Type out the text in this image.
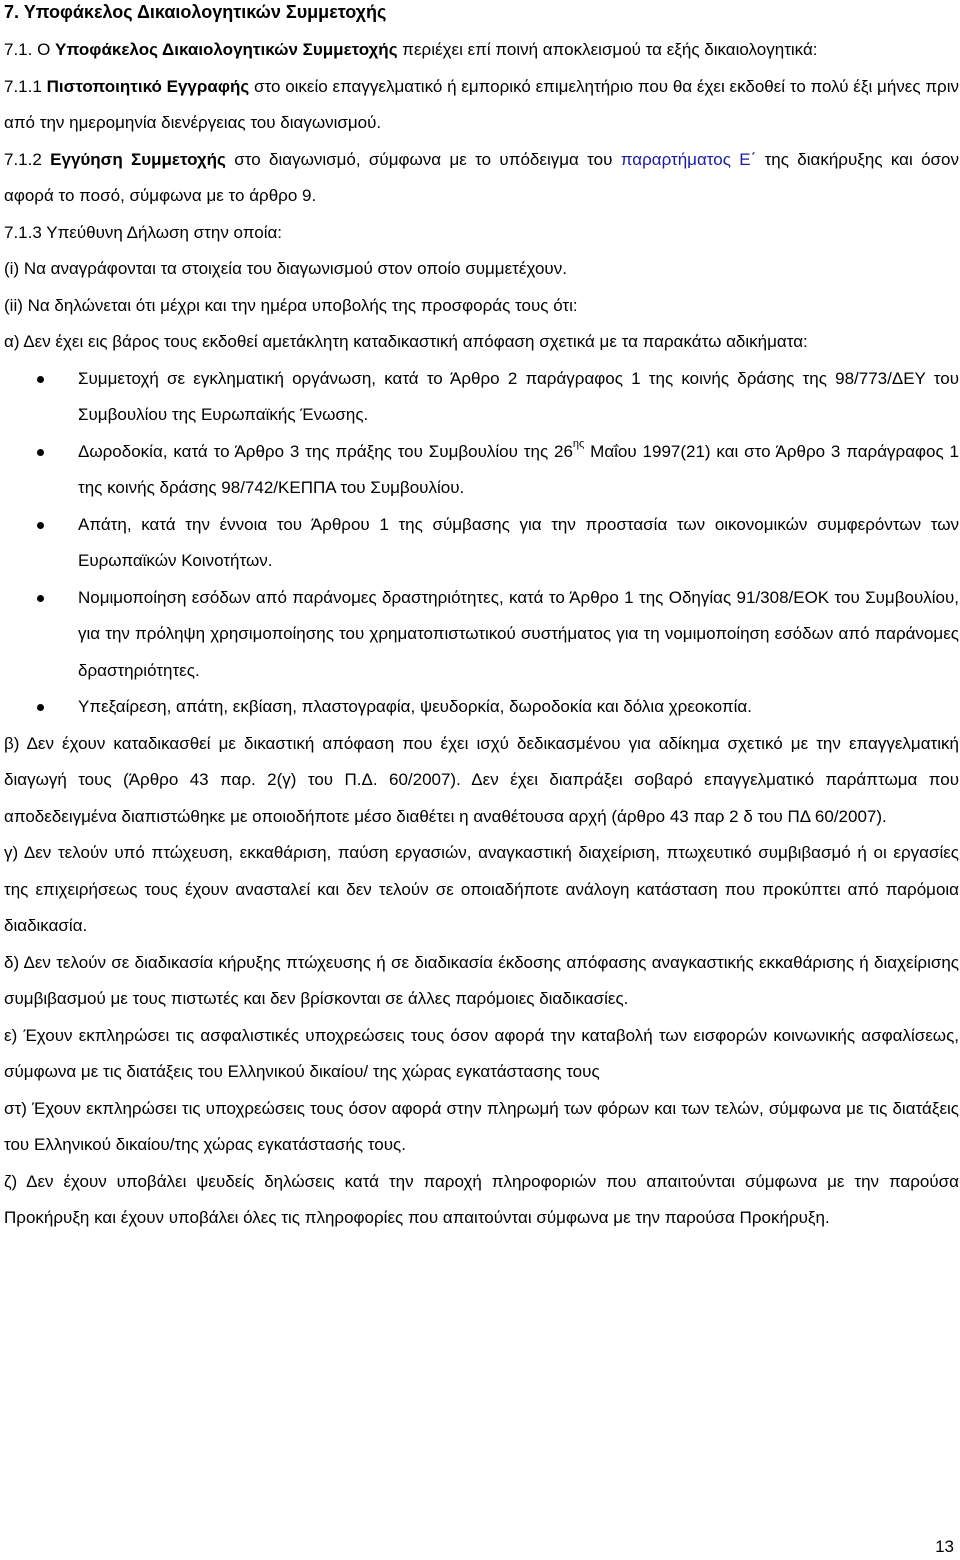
7. Υποφάκελος Δικαιολογητικών Συμμετοχής

7.1. Ο Υποφάκελος Δικαιολογητικών Συμμετοχής περιέχει επί ποινή αποκλεισμού τα εξής δικαιολογητικά:

7.1.1 Πιστοποιητικό Εγγραφής στο οικείο επαγγελματικό ή εμπορικό επιμελητήριο που θα έχει εκδοθεί το πολύ έξι μήνες πριν από την ημερομηνία διενέργειας του διαγωνισμού.

7.1.2 Εγγύηση Συμμετοχής στο διαγωνισμό, σύμφωνα με το υπόδειγμα του παραρτήματος Ε΄ της διακήρυξης και όσον αφορά το ποσό, σύμφωνα με το άρθρο 9.

7.1.3 Υπεύθυνη Δήλωση στην οποία:

(i) Να αναγράφονται τα στοιχεία του διαγωνισμού στον οποίο συμμετέχουν.

(ii) Να δηλώνεται ότι μέχρι και την ημέρα υποβολής της προσφοράς τους ότι:

α) Δεν έχει εις βάρος τους εκδοθεί αμετάκλητη καταδικαστική απόφαση σχετικά με τα παρακάτω αδικήματα:

Συμμετοχή σε εγκληματική οργάνωση, κατά το Άρθρο 2 παράγραφος 1 της κοινής δράσης της 98/773/ΔΕΥ του Συμβουλίου της Ευρωπαϊκής Ένωσης.
Δωροδοκία, κατά το Άρθρο 3 της πράξης του Συμβουλίου της $26^{\eta\varsigma}$ Μαΐου 1997(21) και στο Άρθρο 3 παράγραφος 1 της κοινής δράσης 98/742/ΚΕΠΠΑ του Συμβουλίου.
Απάτη, κατά την έννοια του Άρθρου 1 της σύμβασης για την προστασία των οικονομικών συμφερόντων των Ευρωπαϊκών Κοινοτήτων.
Νομιμοποίηση εσόδων από παράνομες δραστηριότητες, κατά το Άρθρο 1 της Οδηγίας 91/308/ΕΟΚ του Συμβουλίου, για την πρόληψη χρησιμοποίησης του χρηματοπιστωτικού συστήματος για τη νομιμοποίηση εσόδων από παράνομες δραστηριότητες.
Υπεξαίρεση, απάτη, εκβίαση, πλαστογραφία, ψευδορκία, δωροδοκία και δόλια χρεοκοπία.

β) Δεν έχουν καταδικασθεί με δικαστική απόφαση που έχει ισχύ δεδικασμένου για αδίκημα σχετικό με την επαγγελματική διαγωγή τους (Άρθρο 43 παρ. 2(γ) του Π.Δ. 60/2007). Δεν έχει διαπράξει σοβαρό επαγγελματικό παράπτωμα που αποδεδειγμένα διαπιστώθηκε με οποιοδήποτε μέσο διαθέτει η αναθέτουσα αρχή (άρθρο 43 παρ 2 δ του ΠΔ 60/2007).

γ) Δεν τελούν υπό πτώχευση, εκκαθάριση, παύση εργασιών, αναγκαστική διαχείριση, πτωχευτικό συμβιβασμό ή οι εργασίες της επιχειρήσεως τους έχουν ανασταλεί και δεν τελούν σε οποιαδήποτε ανάλογη κατάσταση που προκύπτει από παρόμοια διαδικασία.

δ) Δεν τελούν σε διαδικασία κήρυξης πτώχευσης ή σε διαδικασία έκδοσης απόφασης αναγκαστικής εκκαθάρισης ή διαχείρισης συμβιβασμού με τους πιστωτές και δεν βρίσκονται σε άλλες παρόμοιες διαδικασίες.

ε) Έχουν εκπληρώσει τις ασφαλιστικές υποχρεώσεις τους όσον αφορά την καταβολή των εισφορών κοινωνικής ασφαλίσεως, σύμφωνα με τις διατάξεις του Ελληνικού δικαίου/ της χώρας εγκατάστασης τους

στ) Έχουν εκπληρώσει τις υποχρεώσεις τους όσον αφορά στην πληρωμή των φόρων και των τελών, σύμφωνα με τις διατάξεις του Ελληνικού δικαίου/της χώρας εγκατάστασής τους.

ζ) Δεν έχουν υποβάλει ψευδείς δηλώσεις κατά την παροχή πληροφοριών που απαιτούνται σύμφωνα με την παρούσα Προκήρυξη και έχουν υποβάλει όλες τις πληροφορίες που απαιτούνται σύμφωνα με την παρούσα Προκήρυξη.

13
